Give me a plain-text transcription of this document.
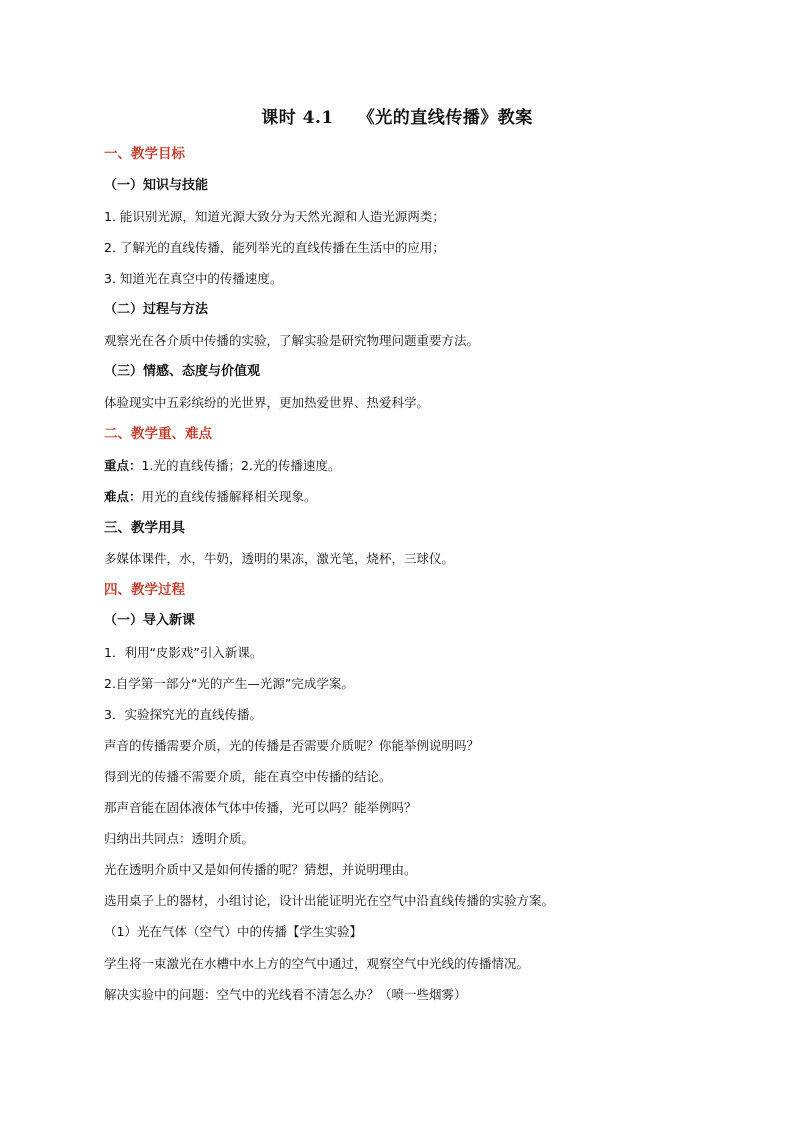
课时 4.1 《光的直线传播》教案
一、教学目标
（一）知识与技能
1. 能识别光源，知道光源大致分为天然光源和人造光源两类；
2. 了解光的直线传播，能列举光的直线传播在生活中的应用；
3. 知道光在真空中的传播速度。
（二）过程与方法
观察光在各介质中传播的实验，了解实验是研究物理问题重要方法。
（三）情感、态度与价值观
体验现实中五彩缤纷的光世界，更加热爱世界、热爱科学。
二、教学重、难点
重点：1.光的直线传播；2.光的传播速度。
难点：用光的直线传播解释相关现象。
三、教学用具
多媒体课件，水，牛奶，透明的果冻，激光笔，烧杯，三球仪。
四、教学过程
（一）导入新课
1．利用“皮影戏”引入新课。
2.自学第一部分“光的产生—光源”完成学案。
3．实验探究光的直线传播。
声音的传播需要介质，光的传播是否需要介质呢？你能举例说明吗？
得到光的传播不需要介质，能在真空中传播的结论。
那声音能在固体液体气体中传播，光可以吗？能举例吗？
归纳出共同点：透明介质。
光在透明介质中又是如何传播的呢？猜想，并说明理由。
选用桌子上的器材，小组讨论，设计出能证明光在空气中沿直线传播的实验方案。
（1）光在气体（空气）中的传播【学生实验】
学生将一束激光在水槽中水上方的空气中通过，观察空气中光线的传播情况。
解决实验中的问题：空气中的光线看不清怎么办？（喷一些烟雾）
